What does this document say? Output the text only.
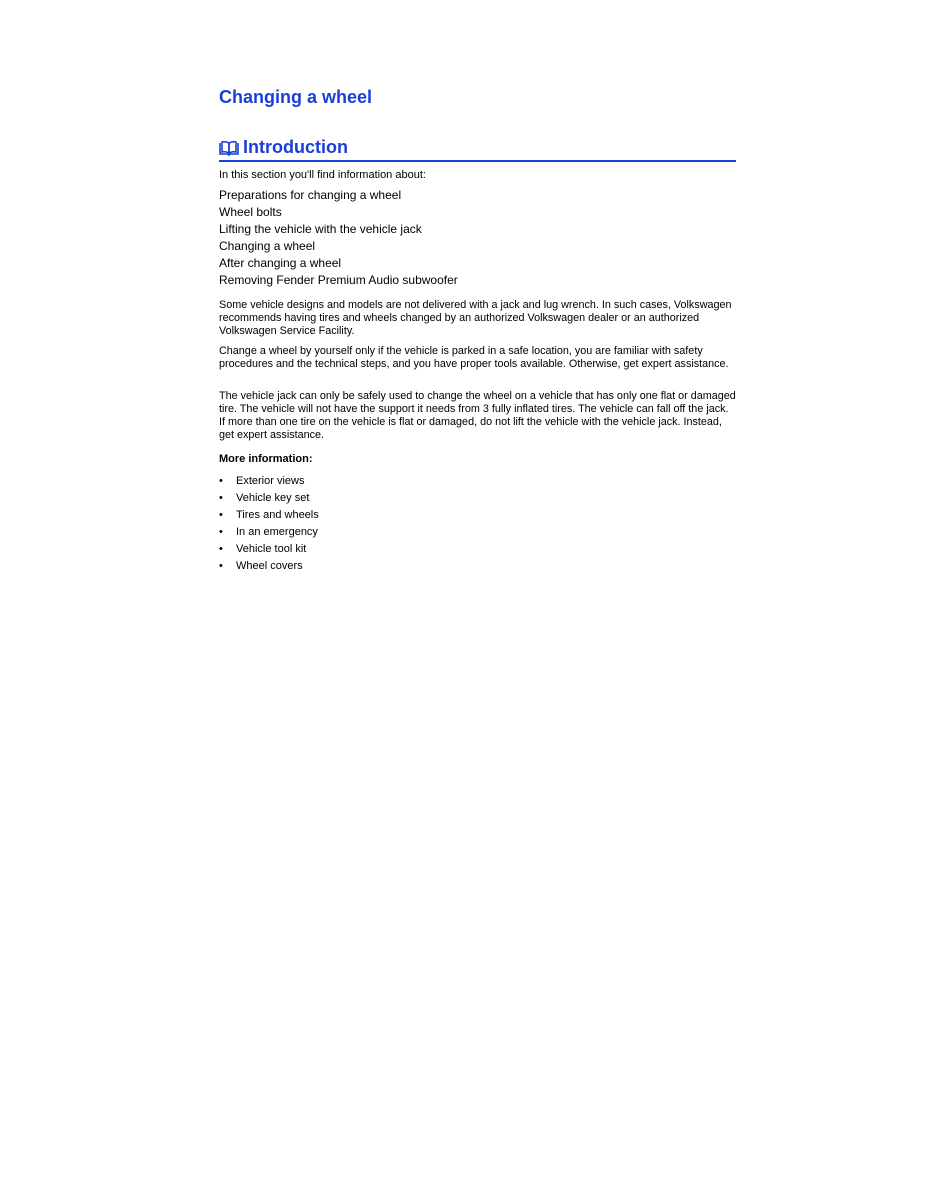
Changing a wheel
Introduction
In this section you'll find information about:
Preparations for changing a wheel
Wheel bolts
Lifting the vehicle with the vehicle jack
Changing a wheel
After changing a wheel
Removing Fender Premium Audio subwoofer

Some vehicle designs and models are not delivered with a jack and lug wrench. In such cases, Volkswagen recommends having tires and wheels changed by an authorized Volkswagen dealer or an authorized Volkswagen Service Facility.

Change a wheel by yourself only if the vehicle is parked in a safe location, you are familiar with safety procedures and the technical steps, and you have proper tools available. Otherwise, get expert assistance.

The vehicle jack can only be safely used to change the wheel on a vehicle that has only one flat or damaged tire. The vehicle will not have the support it needs from 3 fully inflated tires. The vehicle can fall off the jack. If more than one tire on the vehicle is flat or damaged, do not lift the vehicle with the vehicle jack. Instead, get expert assistance.

More information:
•	Exterior views
•	Vehicle key set
•	Tires and wheels
•	In an emergency
•	Vehicle tool kit
•	Wheel covers
